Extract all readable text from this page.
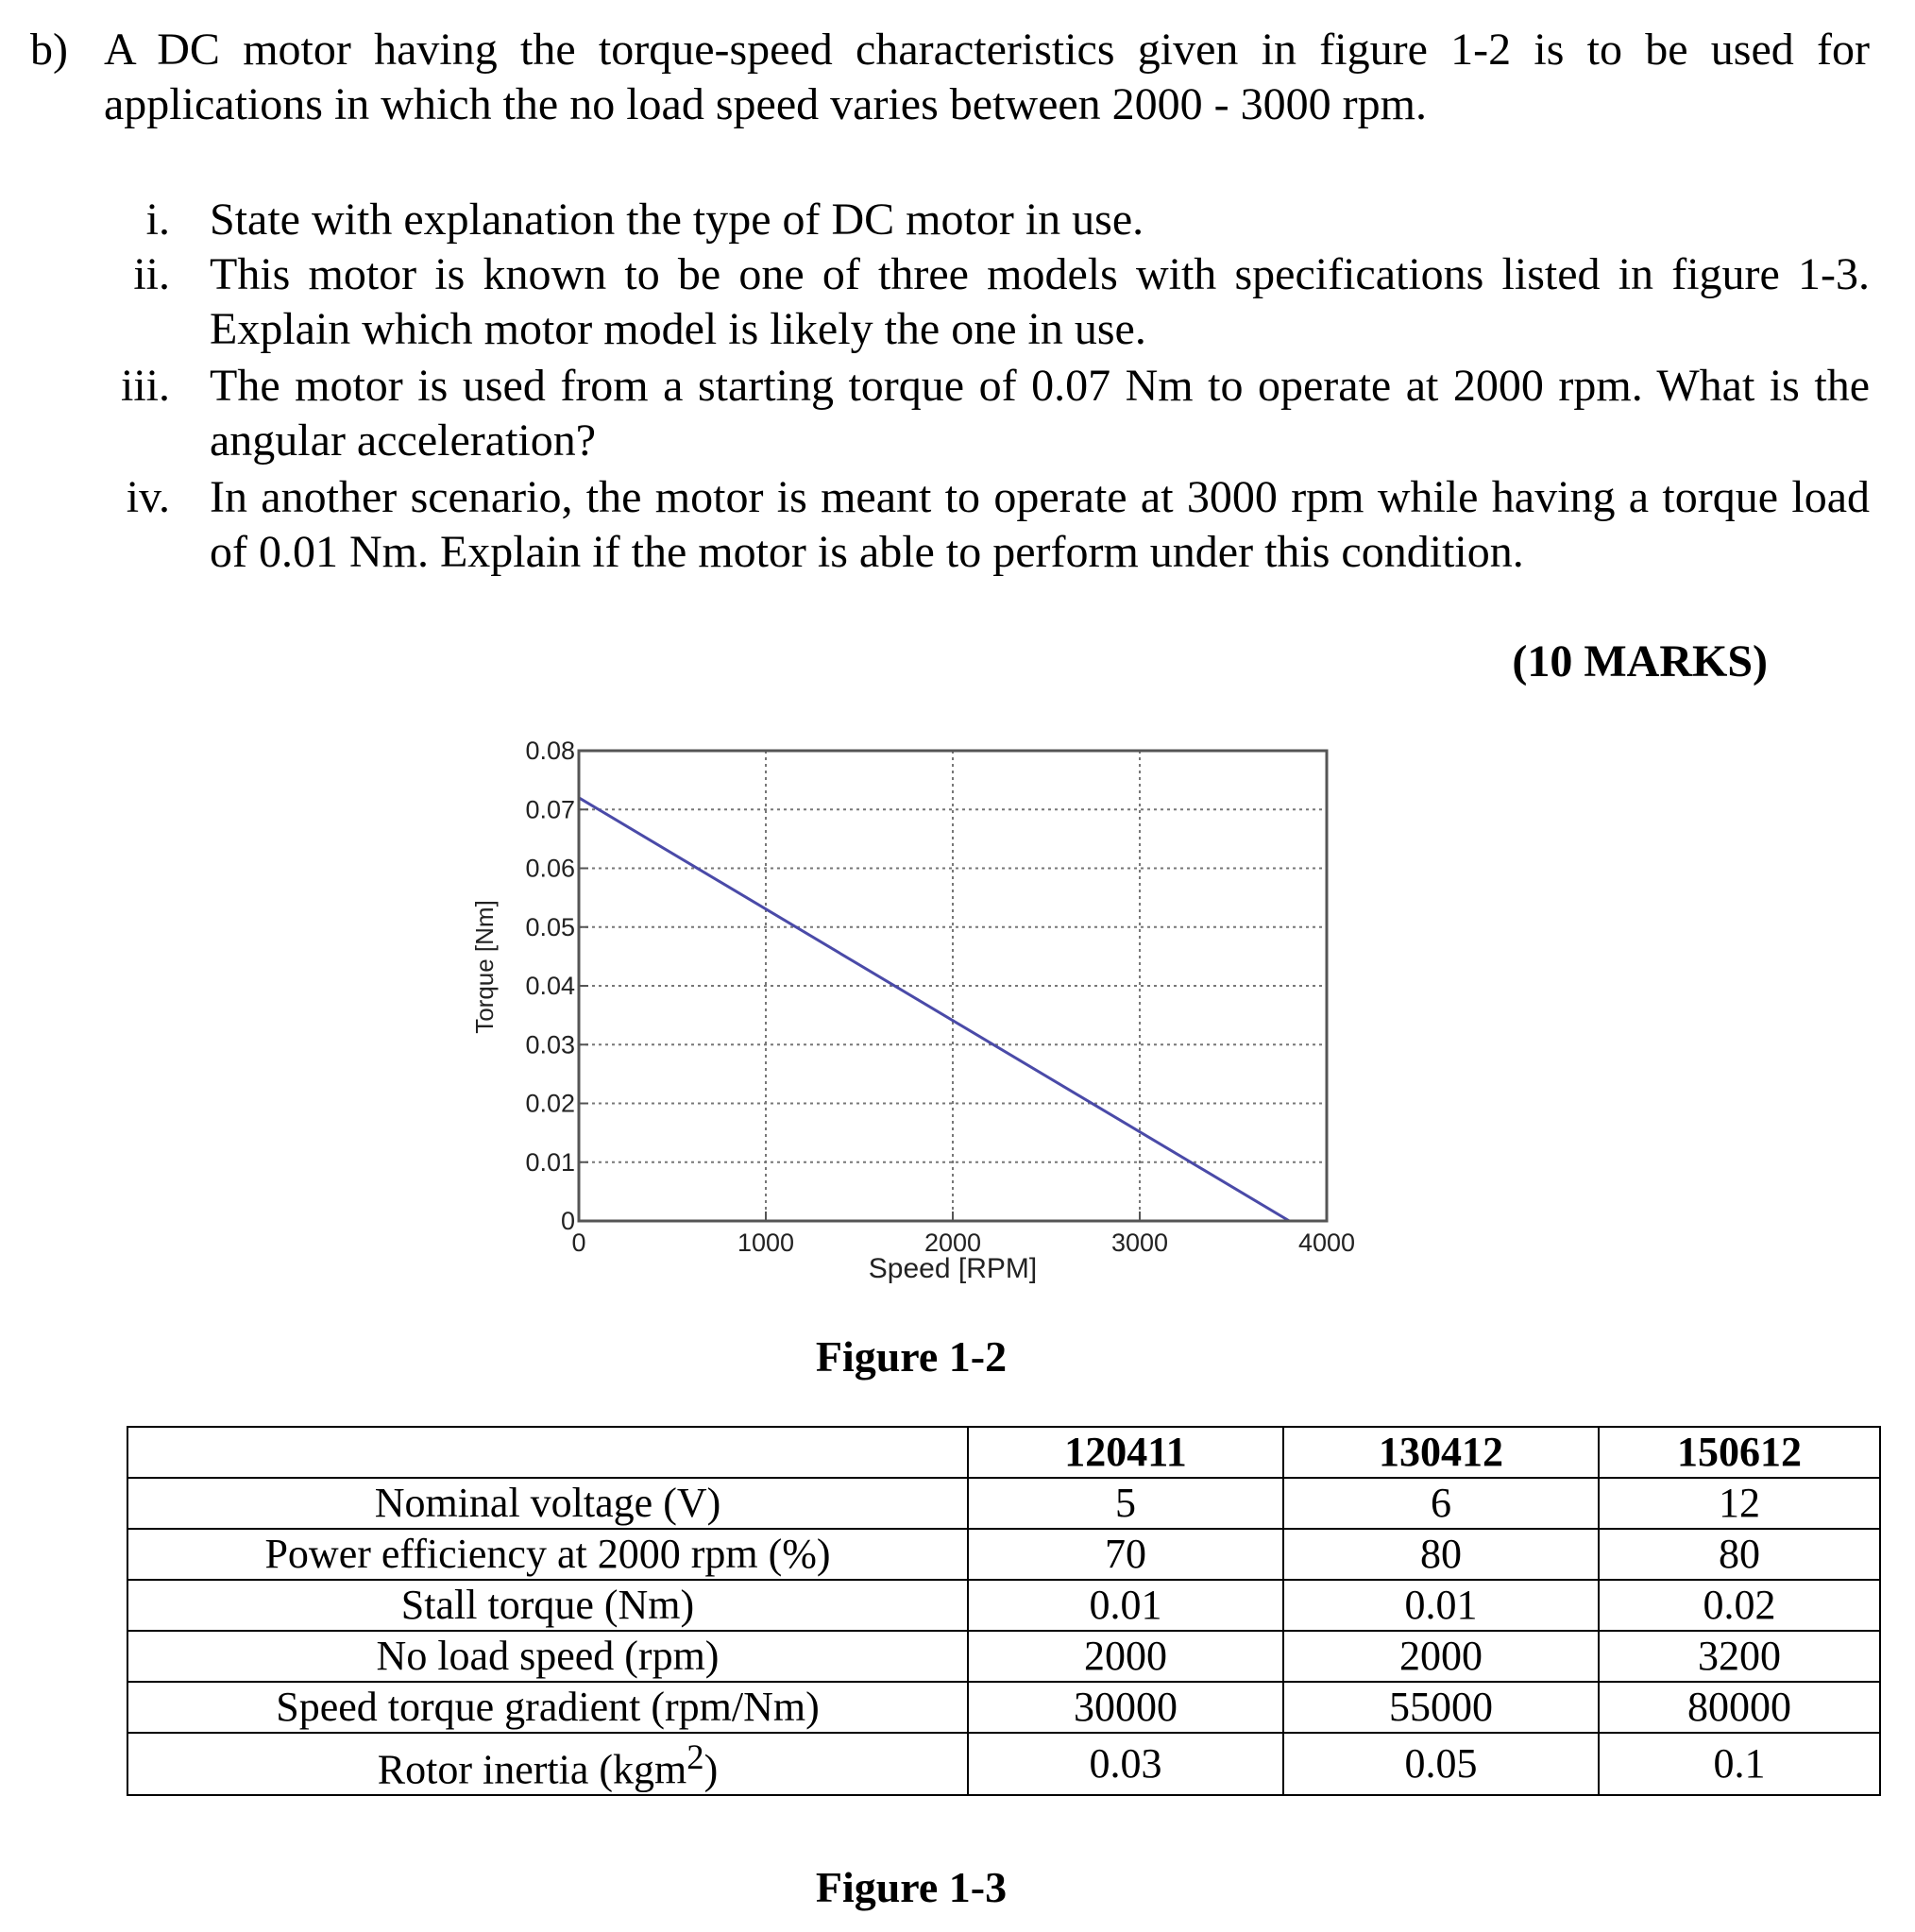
b) A DC motor having the torque-speed characteristics given in figure 1-2 is to be used for applications in which the no load speed varies between 2000 - 3000 rpm.
i. State with explanation the type of DC motor in use.
ii. This motor is known to be one of three models with specifications listed in figure 1-3. Explain which motor model is likely the one in use.
iii. The motor is used from a starting torque of 0.07 Nm to operate at 2000 rpm. What is the angular acceleration?
iv. In another scenario, the motor is meant to operate at 3000 rpm while having a torque load of 0.01 Nm. Explain if the motor is able to perform under this condition.
(10 MARKS)
0
0.01
0.02
0.03
0.04
0.05
0.06
0.07
0.08
0	1000	2000	3000	4000
Speed [RPM]
Torque [Nm]
Figure 1-2
	120411	130412	150612
Nominal voltage (V)	5	6	12
Power efficiency at 2000 rpm (%)	70	80	80
Stall torque (Nm)	0.01	0.01	0.02
No load speed (rpm)	2000	2000	3200
Speed torque gradient (rpm/Nm)	30000	55000	80000
Rotor inertia (kgm$^2$)	0.03	0.05	0.1
Figure 1-3
